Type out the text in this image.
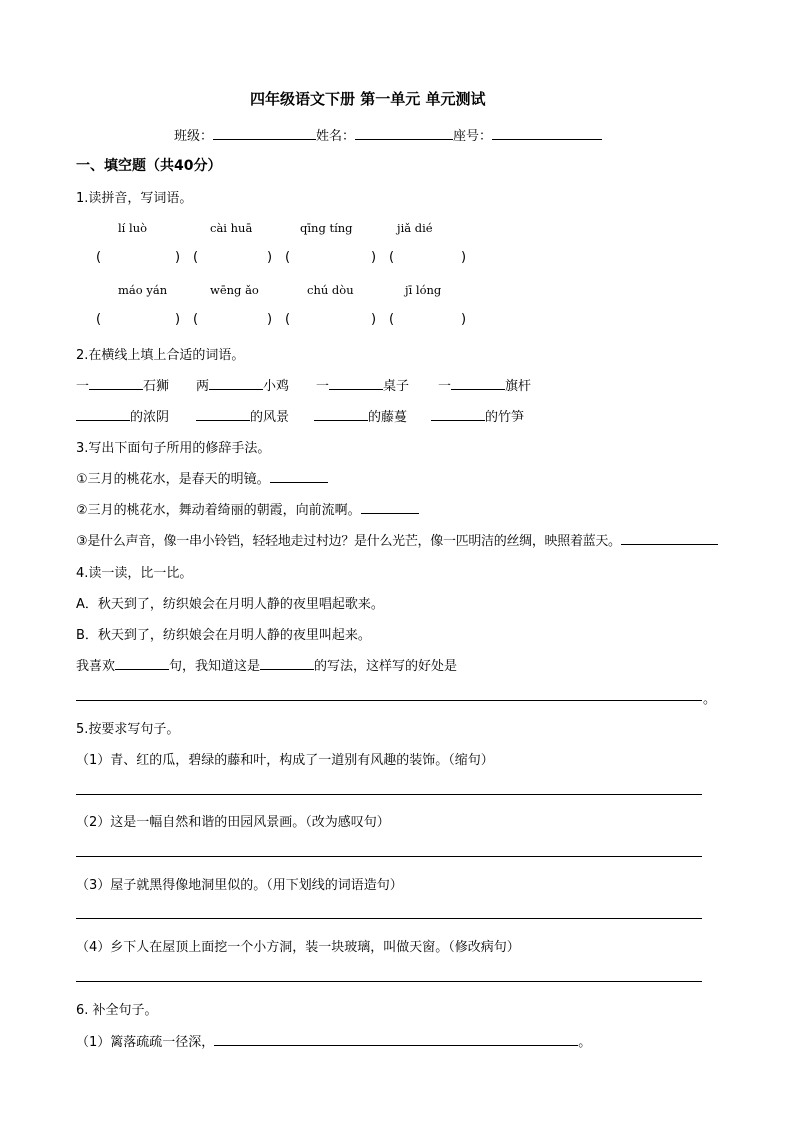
四年级语文下册 第一单元 单元测试
班级：	姓名：	座号：
一、填空题（共40分）
1.读拼音，写词语。
lí luò	cài huā	qīng tíng	jiǎ dié
(	) (	) (	) (	)
máo yán	wēng ǎo	chú dòu	jī lóng
(	) (	) (	) (	)
2.在横线上填上合适的词语。
一	石狮 两	小鸡 一	桌子 一	旗杆
的浓阴	的风景	的藤蔓	的竹笋
3.写出下面句子所用的修辞手法。
①三月的桃花水，是春天的明镜。
②三月的桃花水，舞动着绮丽的朝霞，向前流啊。
③是什么声音，像一串小铃铛，轻轻地走过村边？是什么光芒，像一匹明洁的丝绸，映照着蓝天。
4.读一读，比一比。
A．秋天到了，纺织娘会在月明人静的夜里唱起歌来。
B．秋天到了，纺织娘会在月明人静的夜里叫起来。
我喜欢	句，我知道这是	的写法，这样写的好处是
。
5.按要求写句子。
（1）青、红的瓜，碧绿的藤和叶，构成了一道别有风趣的装饰。（缩句）
（2）这是一幅自然和谐的田园风景画。（改为感叹句）
（3）屋子就黑得像地洞里似的。（用下划线的词语造句）
（4）乡下人在屋顶上面挖一个小方洞，装一块玻璃，叫做天窗。（修改病句）
6. 补全句子。
（1）篱落疏疏一径深，	。
